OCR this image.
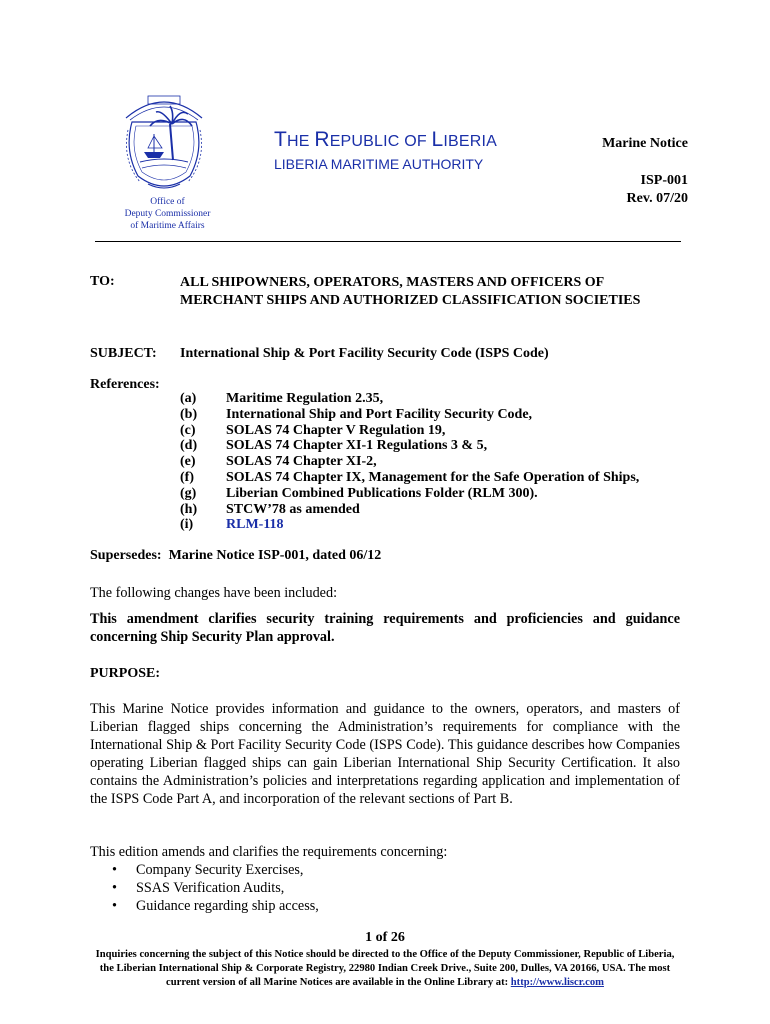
Office of
Deputy Commissioner
of Maritime Affairs
THE REPUBLIC OF LIBERIA
LIBERIA MARITIME AUTHORITY
Marine Notice
ISP-001
Rev. 07/20
TO:	ALL SHIPOWNERS, OPERATORS, MASTERS AND OFFICERS OF MERCHANT SHIPS AND AUTHORIZED CLASSIFICATION SOCIETIES
SUBJECT: International Ship & Port Facility Security Code (ISPS Code)
References:
(a)	Maritime Regulation 2.35,
(b)	International Ship and Port Facility Security Code,
(c)	SOLAS 74 Chapter V Regulation 19,
(d)	SOLAS 74 Chapter XI-1 Regulations 3 & 5,
(e)	SOLAS 74 Chapter XI-2,
(f)	SOLAS 74 Chapter IX, Management for the Safe Operation of Ships,
(g)	Liberian Combined Publications Folder (RLM 300).
(h)	STCW’78 as amended
(i)	RLM-118
Supersedes: Marine Notice ISP-001, dated 06/12
The following changes have been included:
This amendment clarifies security training requirements and proficiencies and guidance concerning Ship Security Plan approval.
PURPOSE:
This Marine Notice provides information and guidance to the owners, operators, and masters of Liberian flagged ships concerning the Administration’s requirements for compliance with the International Ship & Port Facility Security Code (ISPS Code). This guidance describes how Companies operating Liberian flagged ships can gain Liberian International Ship Security Certification. It also contains the Administration’s policies and interpretations regarding application and implementation of the ISPS Code Part A, and incorporation of the relevant sections of Part B.
This edition amends and clarifies the requirements concerning:
•	Company Security Exercises,
•	SSAS Verification Audits,
•	Guidance regarding ship access,
1 of 26
Inquiries concerning the subject of this Notice should be directed to the Office of the Deputy Commissioner, Republic of Liberia, the Liberian International Ship & Corporate Registry, 22980 Indian Creek Drive., Suite 200, Dulles, VA 20166, USA. The most current version of all Marine Notices are available in the Online Library at: http://www.liscr.com
